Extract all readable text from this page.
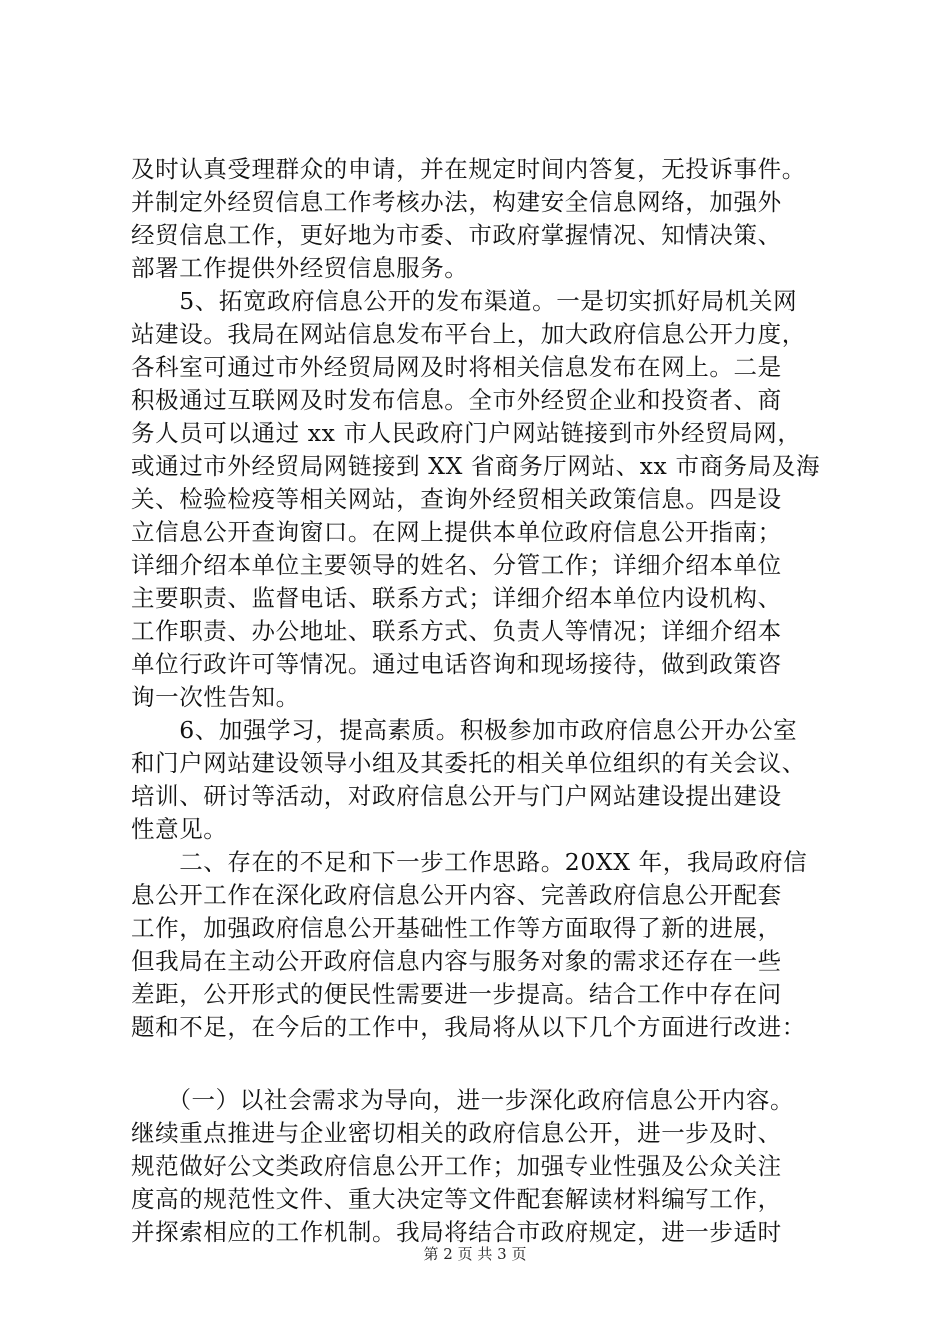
及时认真受理群众的申请，并在规定时间内答复，无投诉事件。
并制定外经贸信息工作考核办法，构建安全信息网络，加强外
经贸信息工作，更好地为市委、市政府掌握情况、知情决策、
部署工作提供外经贸信息服务。
　　5、拓宽政府信息公开的发布渠道。一是切实抓好局机关网
站建设。我局在网站信息发布平台上，加大政府信息公开力度，
各科室可通过市外经贸局网及时将相关信息发布在网上。二是
积极通过互联网及时发布信息。全市外经贸企业和投资者、商
务人员可以通过 xx 市人民政府门户网站链接到市外经贸局网，
或通过市外经贸局网链接到 XX 省商务厅网站、xx 市商务局及海
关、检验检疫等相关网站，查询外经贸相关政策信息。四是设
立信息公开查询窗口。在网上提供本单位政府信息公开指南；
详细介绍本单位主要领导的姓名、分管工作；详细介绍本单位
主要职责、监督电话、联系方式；详细介绍本单位内设机构、
工作职责、办公地址、联系方式、负责人等情况；详细介绍本
单位行政许可等情况。通过电话咨询和现场接待，做到政策咨
询一次性告知。
　　6、加强学习，提高素质。积极参加市政府信息公开办公室
和门户网站建设领导小组及其委托的相关单位组织的有关会议、
培训、研讨等活动，对政府信息公开与门户网站建设提出建设
性意见。
　　二、存在的不足和下一步工作思路。20XX 年，我局政府信
息公开工作在深化政府信息公开内容、完善政府信息公开配套
工作，加强政府信息公开基础性工作等方面取得了新的进展，
但我局在主动公开政府信息内容与服务对象的需求还存在一些
差距，公开形式的便民性需要进一步提高。结合工作中存在问
题和不足，在今后的工作中，我局将从以下几个方面进行改进：
　　（一）以社会需求为导向，进一步深化政府信息公开内容。
继续重点推进与企业密切相关的政府信息公开，进一步及时、
规范做好公文类政府信息公开工作；加强专业性强及公众关注
度高的规范性文件、重大决定等文件配套解读材料编写工作，
并探索相应的工作机制。我局将结合市政府规定，进一步适时
第 2 页 共 3 页
